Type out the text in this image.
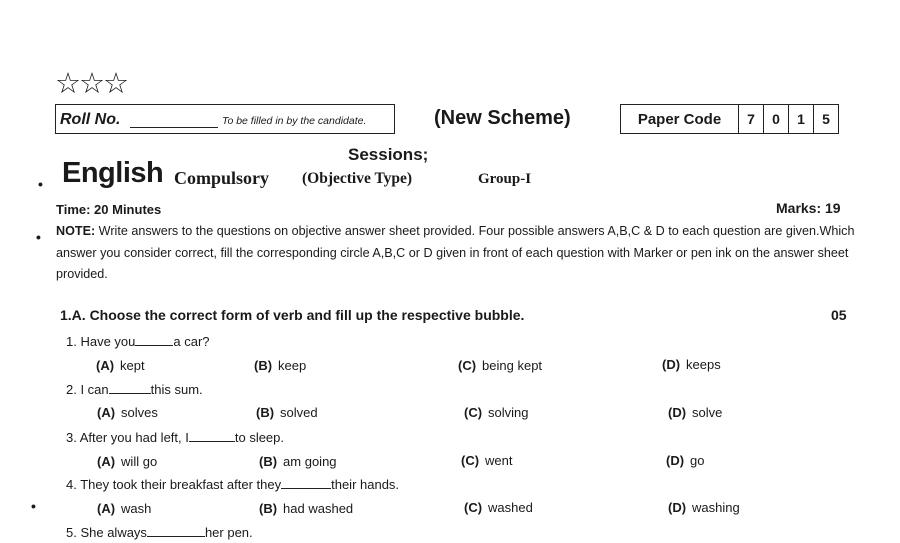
☆☆☆
Roll No.	To be filled in by the candidate.	(New Scheme)	Paper Code	7	0	1	5
Sessions;
• English Compulsory (Objective Type)	Group-I
Time: 20 Minutes	Marks: 19
• NOTE: Write answers to the questions on objective answer sheet provided. Four possible answers A,B,C & D to each question are given.Which answer you consider correct, fill the corresponding circle A,B,C or D given in front of each question with Marker or pen ink on the answer sheet provided.
1.A. Choose the correct form of verb and fill up the respective bubble.	05
1. Have you	a car?
(A) kept	(B) keep	(C) being kept	(D) keeps
2. I can	this sum.
(A) solves	(B) solved	(C) solving	(D) solve
3. After you had left, I	to sleep.
(A) will go	(B) am going	(C) went	(D) go
4. They took their breakfast after they	their hands.
•	(A) wash	(B) had washed	(C) washed	(D) washing
5. She always	her pen.
